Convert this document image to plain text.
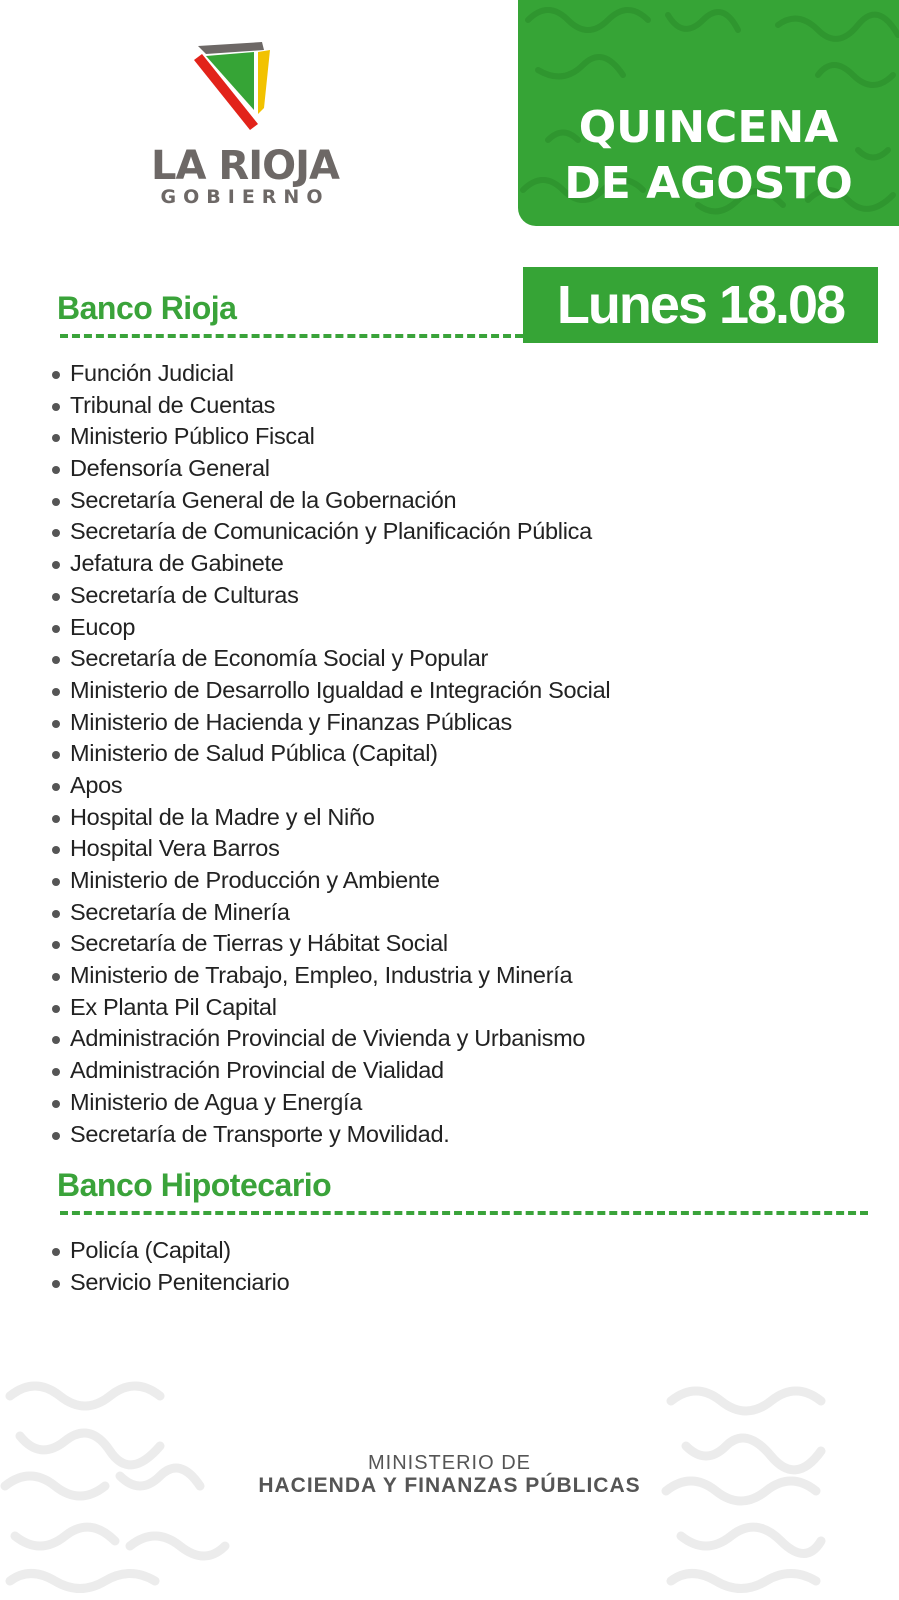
LA RIOJA
GOBIERNO
QUINCENA
DE AGOSTO
Lunes 18.08
Banco Rioja
Función Judicial
Tribunal de Cuentas
Ministerio Público Fiscal
Defensoría General
Secretaría General de la Gobernación
Secretaría de Comunicación y Planificación Pública
Jefatura de Gabinete
Secretaría de Culturas
Eucop
Secretaría de Economía Social y Popular
Ministerio de Desarrollo Igualdad e Integración Social
Ministerio de Hacienda y Finanzas Públicas
Ministerio de Salud Pública (Capital)
Apos
Hospital de la Madre y el Niño
Hospital Vera Barros
Ministerio de Producción y Ambiente
Secretaría de Minería
Secretaría de Tierras y Hábitat Social
Ministerio de Trabajo, Empleo, Industria y Minería
Ex Planta Pil Capital
Administración Provincial de Vivienda y Urbanismo
Administración Provincial de Vialidad
Ministerio de Agua y Energía
Secretaría de Transporte y Movilidad.
Banco Hipotecario
Policía (Capital)
Servicio Penitenciario
MINISTERIO DE
HACIENDA Y FINANZAS PÚBLICAS
